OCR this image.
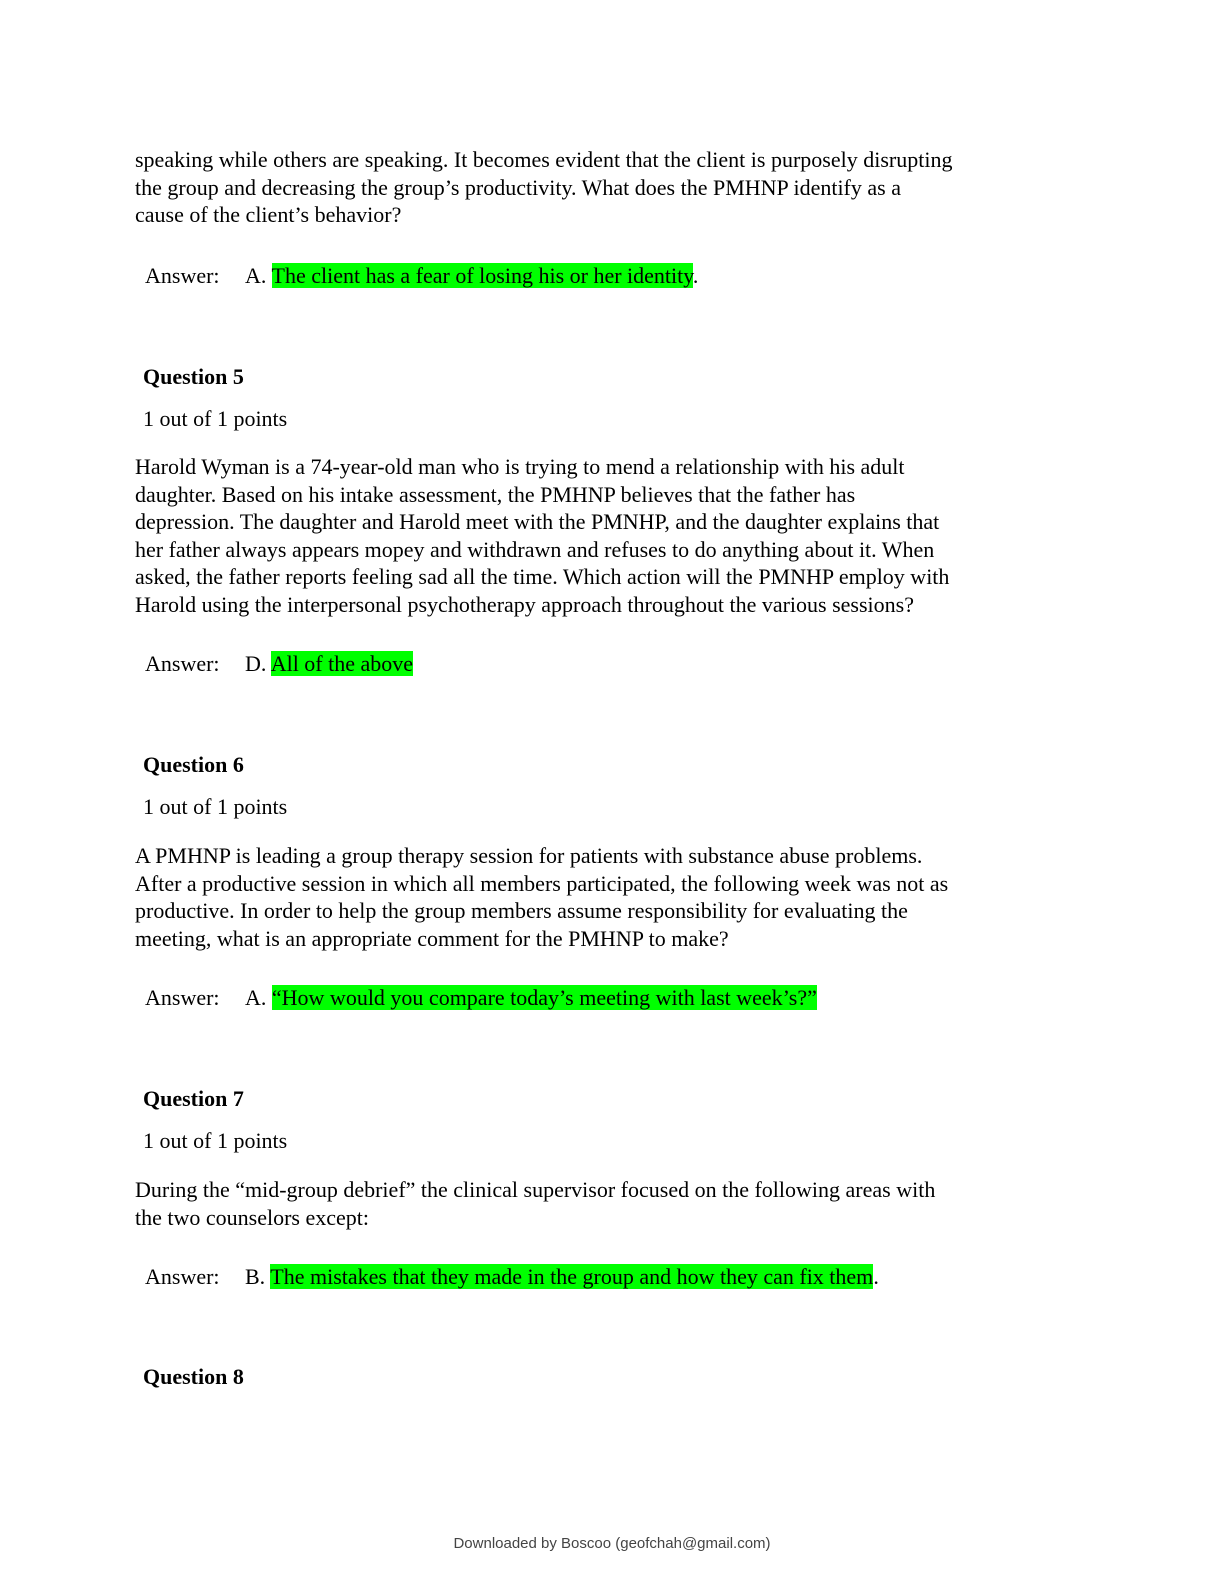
speaking while others are speaking. It becomes evident that the client is purposely disrupting
the group and decreasing the group’s productivity. What does the PMHNP identify as a
cause of the client’s behavior?
Answer: A. The client has a fear of losing his or her identity.
Question 5
1 out of 1 points
Harold Wyman is a 74-year-old man who is trying to mend a relationship with his adult
daughter. Based on his intake assessment, the PMHNP believes that the father has
depression. The daughter and Harold meet with the PMNHP, and the daughter explains that
her father always appears mopey and withdrawn and refuses to do anything about it. When
asked, the father reports feeling sad all the time. Which action will the PMNHP employ with
Harold using the interpersonal psychotherapy approach throughout the various sessions?
Answer: D. All of the above
Question 6
1 out of 1 points
A PMHNP is leading a group therapy session for patients with substance abuse problems.
After a productive session in which all members participated, the following week was not as
productive. In order to help the group members assume responsibility for evaluating the
meeting, what is an appropriate comment for the PMHNP to make?
Answer: A. “How would you compare today’s meeting with last week’s?”
Question 7
1 out of 1 points
During the “mid-group debrief” the clinical supervisor focused on the following areas with
the two counselors except:
Answer: B. The mistakes that they made in the group and how they can fix them.
Question 8
Downloaded by Boscoo (geofchah@gmail.com)
